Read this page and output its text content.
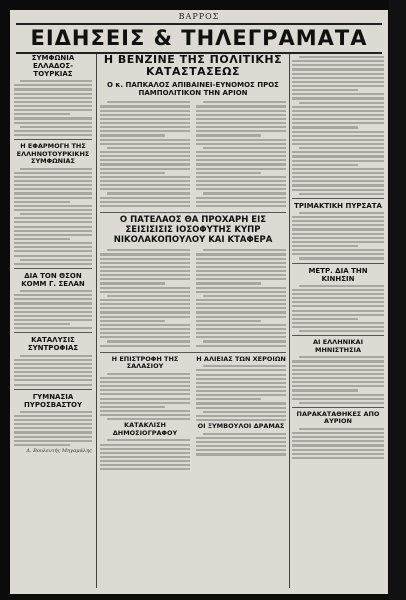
ΒΑΡΡΟΣ
ΕΙΔΗΣΕΙΣ & ΤΗΛΕΓΡΑΜΑΤΑ
ΣΥΜΦΩΝΙΑ ΕΛΛΑΔΟΣ-ΤΟΥΡΚΙΑΣ
Η ΕΦΑΡΜΟΓΗ ΤΗΣ ΕΛΛΗΝΟΤΟΥΡΚΙΚΗΣ ΣΥΜΦΩΝΙΑΣ
ΔΙΑ ΤΟΝ ΘΣΟΝ ΚΟΜΜ Γ. ΣΕΛΑΝ
ΚΑΤΑΛΥΣΙΣ ΣΥΝΤΡΟΦΙΑΣ
ΓΥΜΝΑΣΙΑ ΠΥΡΟΣΒΑΣΤΟΥ
Δ. Βουλευτής Μηγαμάλης
Η ΒΕΝΖΙΝΕ ΤΗΣ ΠΟΛΙΤΙΚΗΣ ΚΑΤΑΣΤΑΣΕΩΣ
Ο κ. ΠΑΠΚΑΛΟΣ ΑΠΙΒΑΙΝΕΙ-ΕΥΝΟΜΟΣ ΠΡΟΣ ΠΑΜΠΟΛΙΤΙΚΟΝ ΤΗΝ ΑΡΙΟΝ
Ο ΠΑΤΕΛΑΟΣ ΘΑ ΠΡΟΧΑΡΗ ΕΙΣ ΣΕΙΣΙΣΙΣΙΣ ΙΟΣΟΦΥΤΗΣ ΚΥΠΡ ΝΙΚΟΛΑΚΟΠΟΥΛΟΥ ΚΑΙ ΚΤΑΦΕΡΑ
Η ΕΠΙΣΤΡΟΦΗ ΤΗΣ ΣΑΛΑΣΙΟΥ
ΚΑΤΑΚΛΙΣΗ ΔΗΜΟΣΙΟΓΡΑΦΟΥ
Η ΑΛΙΕΙΑΣ ΤΩΝ ΧΕΡΟΙΩΝ
ΟΙ ΞΥΜΒΟΥΛΟΙ ΔΡΑΜΑΣ
ΤΡΙΜΑΚΤΙΚΗ ΠΥΡΣΑΤΑ
ΜΕΤΡ. ΔΙΑ ΤΗΝ ΚΙΝΗΣΙΝ
ΑΙ ΕΛΛΗΝΙΚΑΙ ΜΗΝΙΣΤΗΣΙΑ
ΠΑΡΑΚΑΤΑΘΗΚΕΣ ΑΠΟ ΑΥΡΙΟΝ
